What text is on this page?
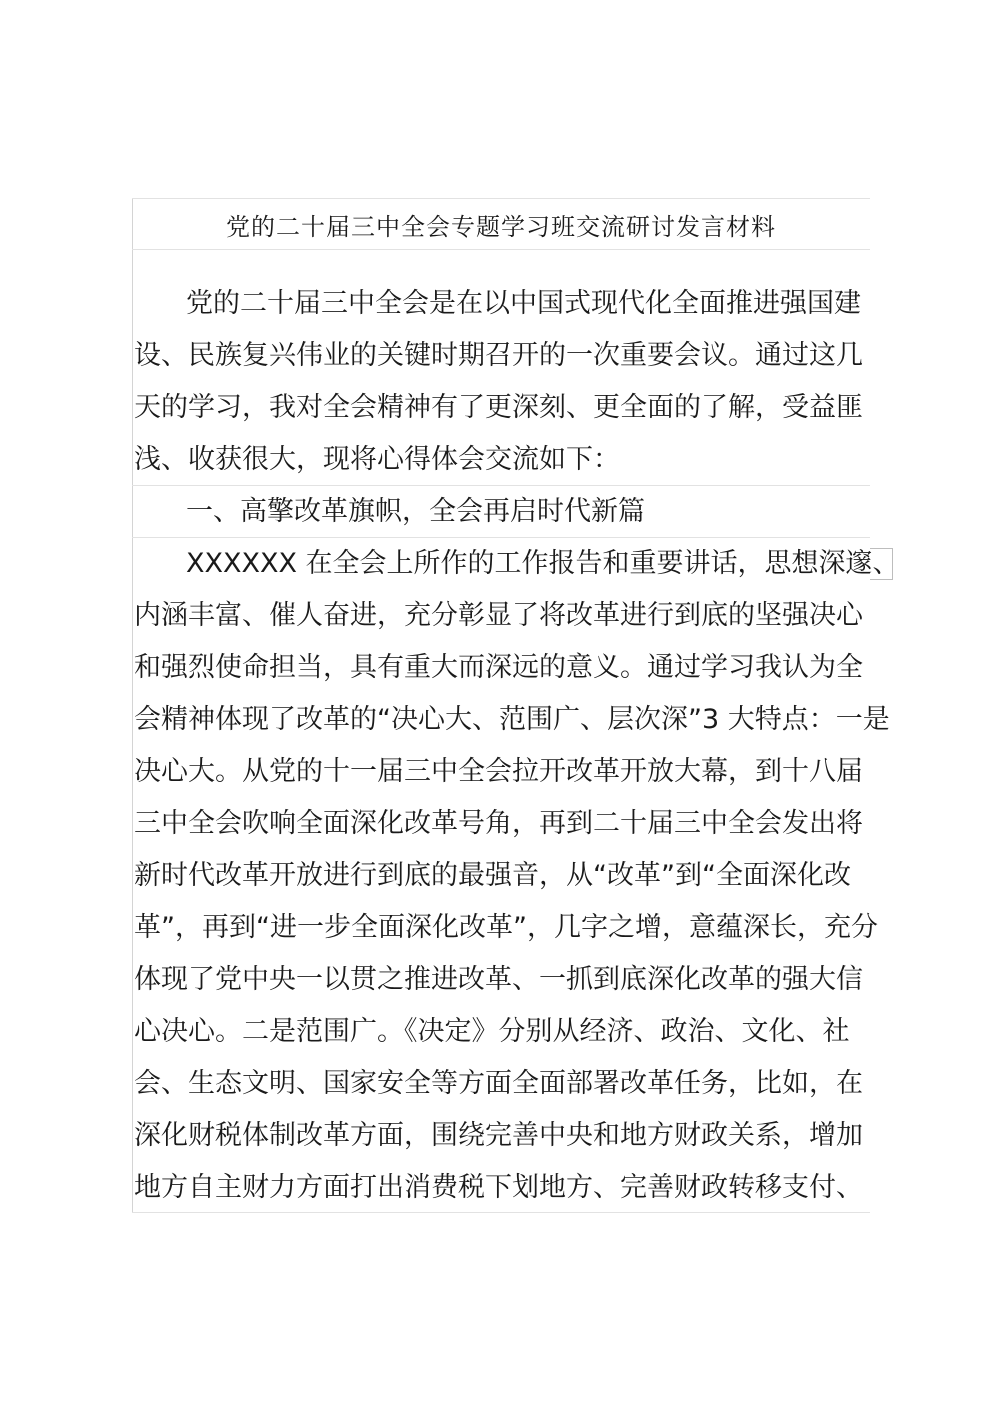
党的二十届三中全会专题学习班交流研讨发言材料
党的二十届三中全会是在以中国式现代化全面推进强国建
设、民族复兴伟业的关键时期召开的一次重要会议。通过这几
天的学习，我对全会精神有了更深刻、更全面的了解，受益匪
浅、收获很大，现将心得体会交流如下：
一、高擎改革旗帜，全会再启时代新篇
XXXXXX 在全会上所作的工作报告和重要讲话，思想深邃、
内涵丰富、催人奋进，充分彰显了将改革进行到底的坚强决心
和强烈使命担当，具有重大而深远的意义。通过学习我认为全
会精神体现了改革的“决心大、范围广、层次深”3 大特点：一是
决心大。从党的十一届三中全会拉开改革开放大幕，到十八届
三中全会吹响全面深化改革号角，再到二十届三中全会发出将
新时代改革开放进行到底的最强音，从“改革”到“全面深化改
革”，再到“进一步全面深化改革”，几字之增，意蕴深长，充分
体现了党中央一以贯之推进改革、一抓到底深化改革的强大信
心决心。二是范围广。《决定》分别从经济、政治、文化、社
会、生态文明、国家安全等方面全面部署改革任务，比如，在
深化财税体制改革方面，围绕完善中央和地方财政关系，增加
地方自主财力方面打出消费税下划地方、完善财政转移支付、
